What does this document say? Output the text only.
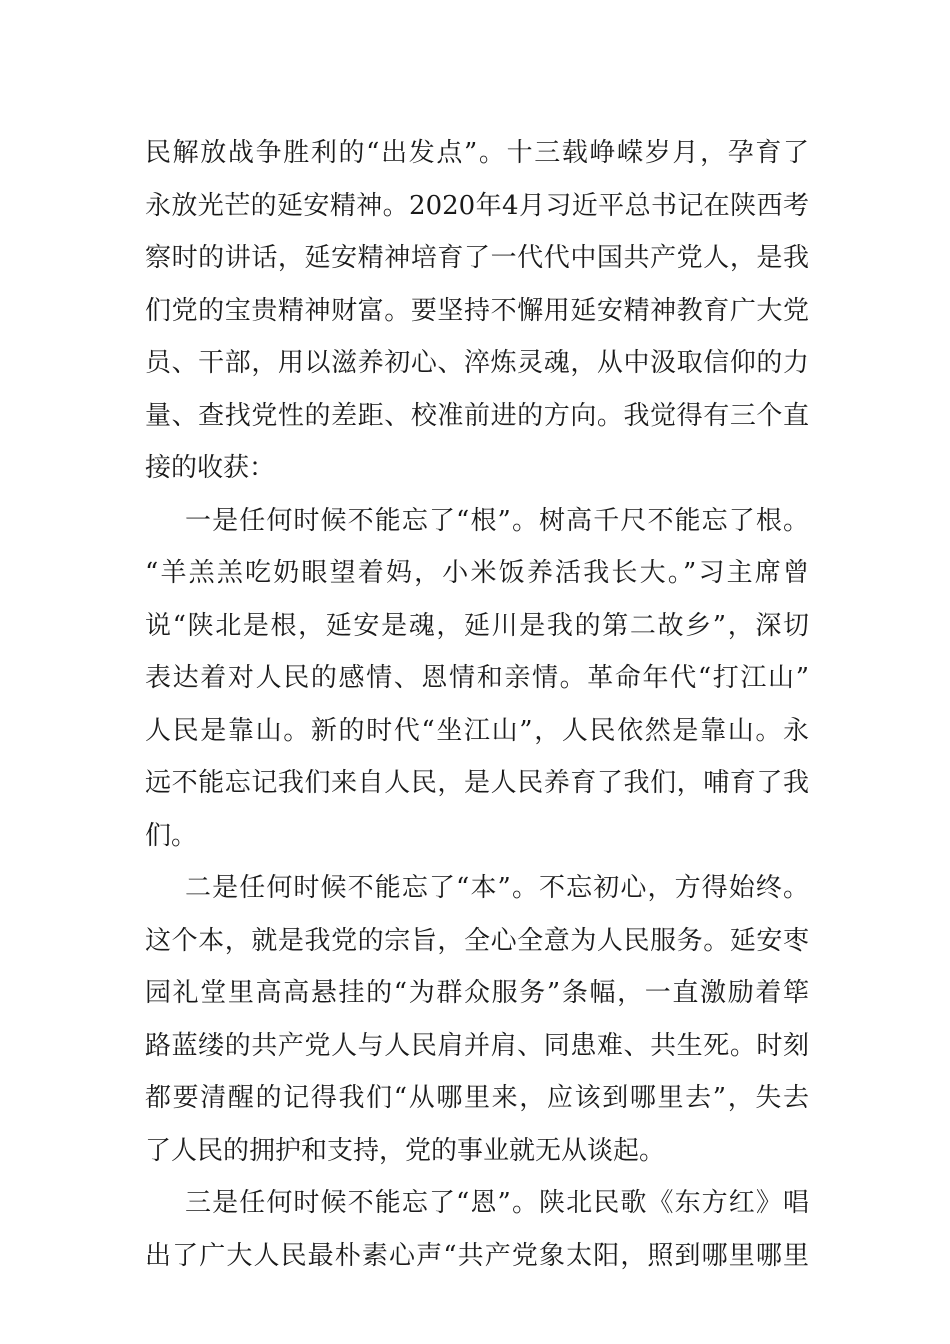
民解放战争胜利的“出发点”。十三载峥嵘岁月，孕育了
永放光芒的延安精神。2020年4月习近平总书记在陕西考
察时的讲话，延安精神培育了一代代中国共产党人，是我
们党的宝贵精神财富。要坚持不懈用延安精神教育广大党
员、干部，用以滋养初心、淬炼灵魂，从中汲取信仰的力
量、查找党性的差距、校准前进的方向。我觉得有三个直
接的收获：
一是任何时候不能忘了“根”。树高千尺不能忘了根。
“羊羔羔吃奶眼望着妈，小米饭养活我长大。”习主席曾
说“陕北是根，延安是魂，延川是我的第二故乡”，深切
表达着对人民的感情、恩情和亲情。革命年代“打江山”
人民是靠山。新的时代“坐江山”，人民依然是靠山。永
远不能忘记我们来自人民，是人民养育了我们，哺育了我
们。
二是任何时候不能忘了“本”。不忘初心，方得始终。
这个本，就是我党的宗旨，全心全意为人民服务。延安枣
园礼堂里高高悬挂的“为群众服务”条幅，一直激励着筚
路蓝缕的共产党人与人民肩并肩、同患难、共生死。时刻
都要清醒的记得我们“从哪里来，应该到哪里去”，失去
了人民的拥护和支持，党的事业就无从谈起。
三是任何时候不能忘了“恩”。陕北民歌《东方红》唱
出了广大人民最朴素心声“共产党象太阳，照到哪里哪里
